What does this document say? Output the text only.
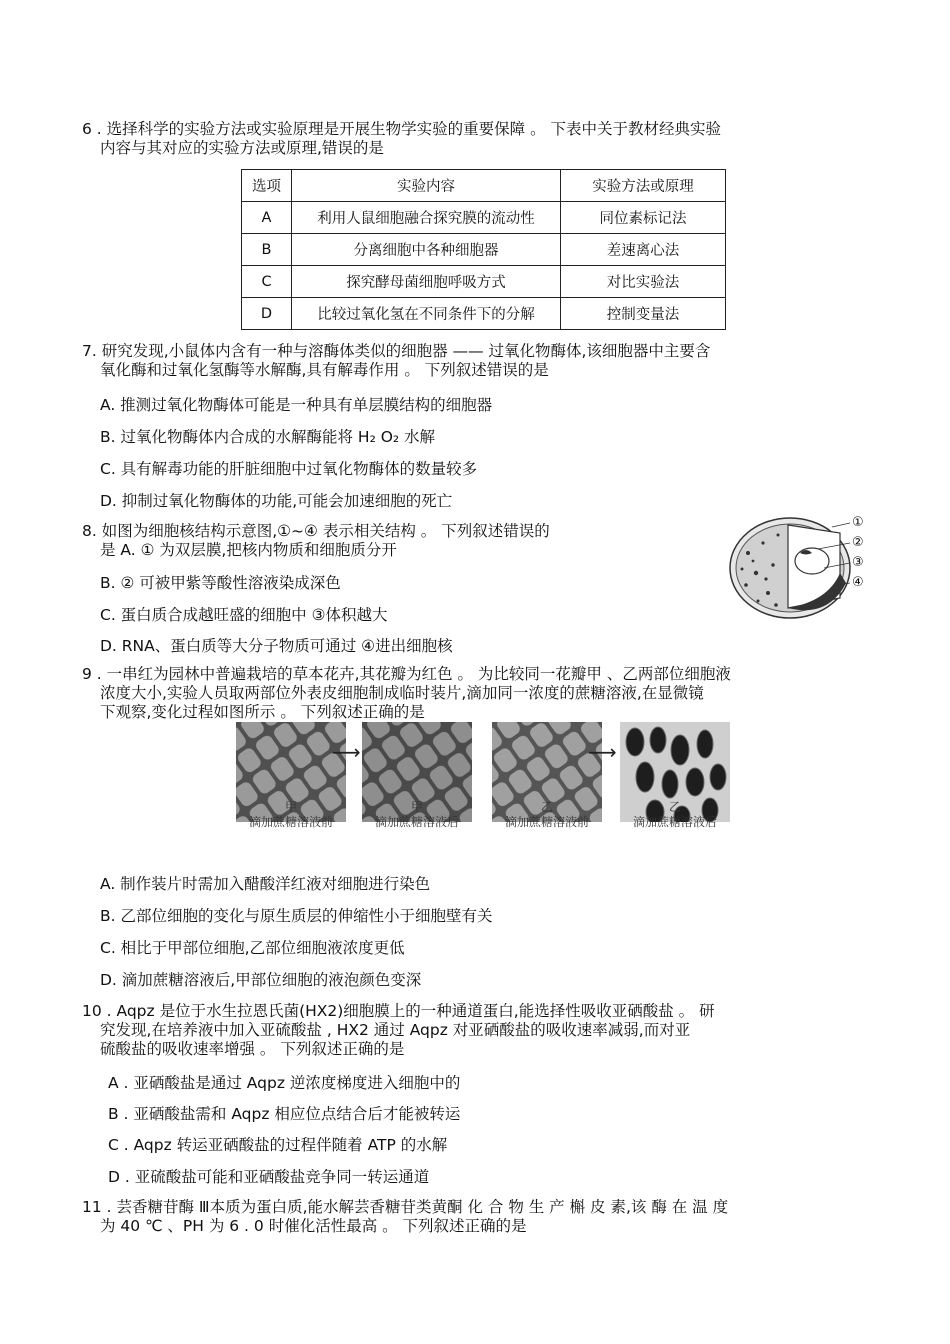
6 . 选择科学的实验方法或实验原理是开展生物学实验的重要保障 。 下表中关于教材经典实验
内容与其对应的实验方法或原理,错误的是
选项	实验内容	实验方法或原理
A	利用人鼠细胞融合探究膜的流动性	同位素标记法
B	分离细胞中各种细胞器	差速离心法
C	探究酵母菌细胞呼吸方式	对比实验法
D	比较过氧化氢在不同条件下的分解	控制变量法
7. 研究发现,小鼠体内含有一种与溶酶体类似的细胞器 —— 过氧化物酶体,该细胞器中主要含
氧化酶和过氧化氢酶等水解酶,具有解毒作用 。 下列叙述错误的是
A. 推测过氧化物酶体可能是一种具有单层膜结构的细胞器
B. 过氧化物酶体内合成的水解酶能将 H₂ O₂ 水解
C. 具有解毒功能的肝脏细胞中过氧化物酶体的数量较多
D. 抑制过氧化物酶体的功能,可能会加速细胞的死亡
8. 如图为细胞核结构示意图,①~④ 表示相关结构 。 下列叙述错误的
是 A. ① 为双层膜,把核内物质和细胞质分开
B. ② 可被甲紫等酸性溶液染成深色
C. 蛋白质合成越旺盛的细胞中 ③体积越大
D. RNA、蛋白质等大分子物质可通过 ④进出细胞核
①
②
③
④
9 . 一串红为园林中普遍栽培的草本花卉,其花瓣为红色 。 为比较同一花瓣甲 、乙两部位细胞液
浓度大小,实验人员取两部位外表皮细胞制成临时装片,滴加同一浓度的蔗糖溶液,在显微镜
下观察,变化过程如图所示 。 下列叙述正确的是
⟶	⟶
甲
滴加蔗糖溶液前
甲
滴加蔗糖溶液后
乙
滴加蔗糖溶液前
乙
滴加蔗糖溶液后
A. 制作装片时需加入醋酸洋红液对细胞进行染色
B. 乙部位细胞的变化与原生质层的伸缩性小于细胞壁有关
C. 相比于甲部位细胞,乙部位细胞液浓度更低
D. 滴加蔗糖溶液后,甲部位细胞的液泡颜色变深
10 . Aqpz 是位于水生拉恩氏菌(HX2)细胞膜上的一种通道蛋白,能选择性吸收亚硒酸盐 。 研
究发现,在培养液中加入亚硫酸盐 , HX2 通过 Aqpz 对亚硒酸盐的吸收速率减弱,而对亚
硫酸盐的吸收速率增强 。 下列叙述正确的是
A . 亚硒酸盐是通过 Aqpz 逆浓度梯度进入细胞中的
B . 亚硒酸盐需和 Aqpz 相应位点结合后才能被转运
C . Aqpz 转运亚硒酸盐的过程伴随着 ATP 的水解
D . 亚硫酸盐可能和亚硒酸盐竞争同一转运通道
11 . 芸香糖苷酶 Ⅲ本质为蛋白质,能水解芸香糖苷类黄酮 化 合 物 生 产 槲 皮 素,该 酶 在 温 度
为 40 ℃ 、PH 为 6 . 0 时催化活性最高 。 下列叙述正确的是
